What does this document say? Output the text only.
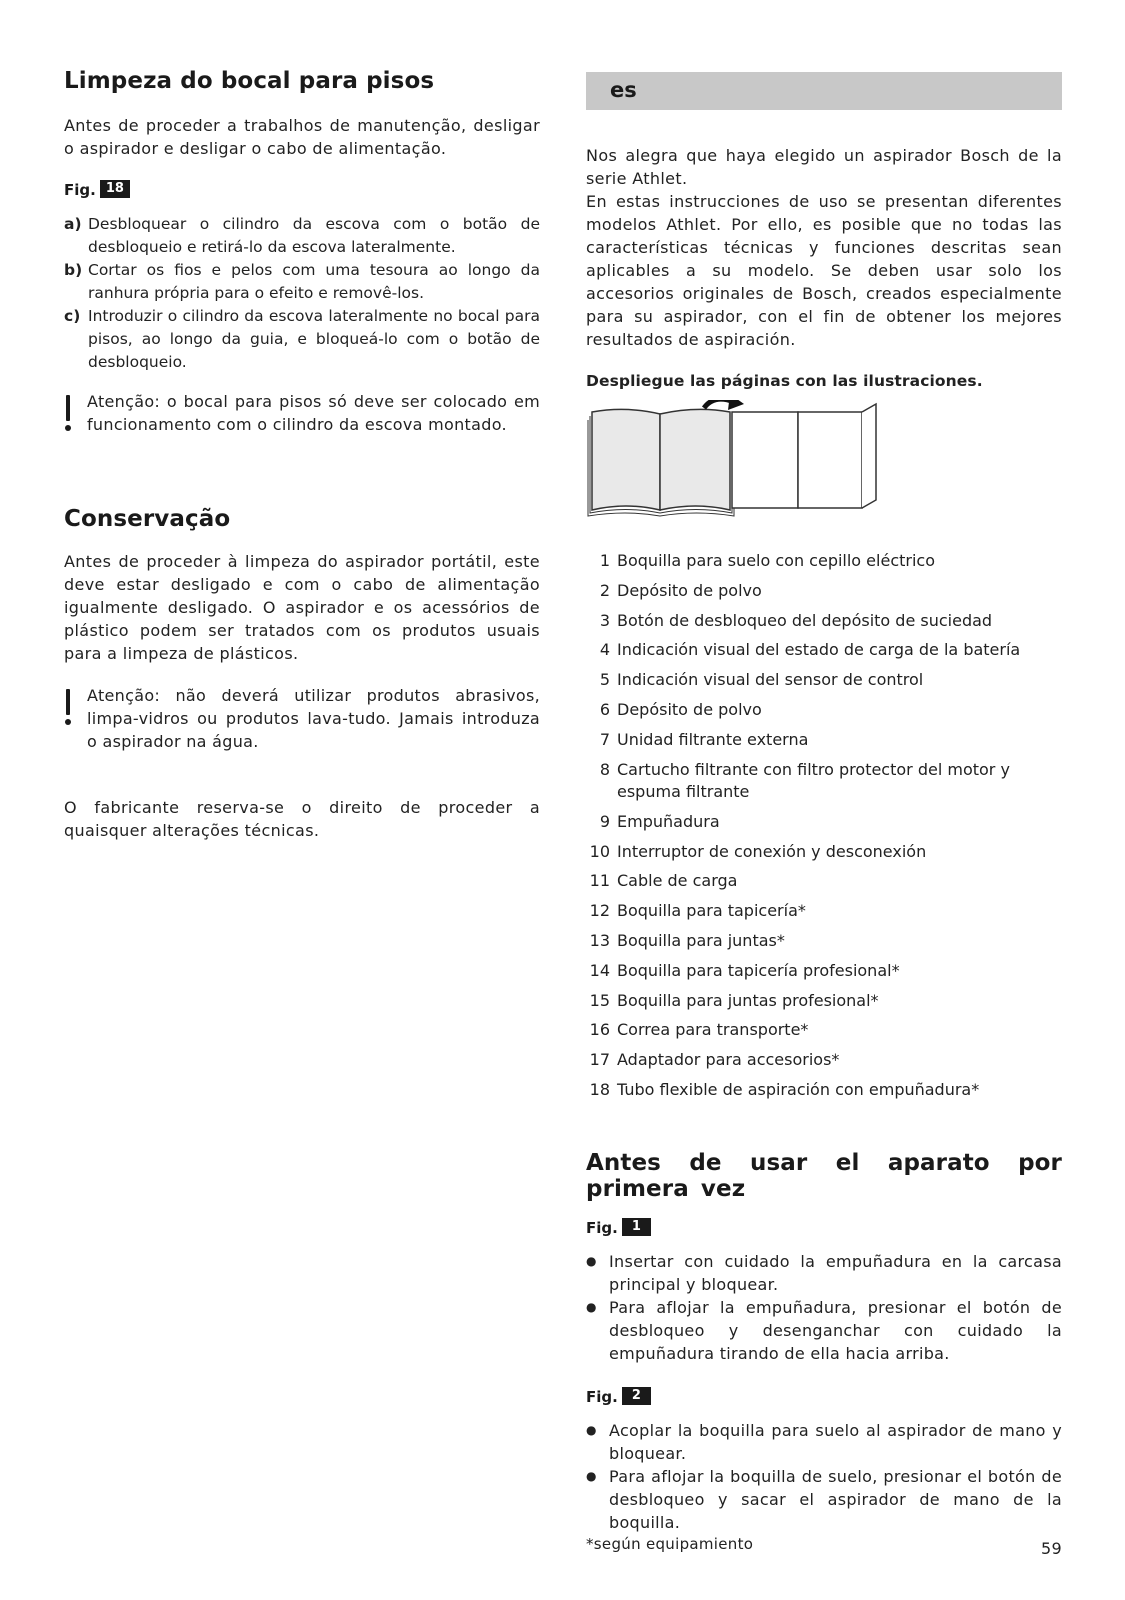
Limpeza do bocal para pisos

Antes de proceder a trabalhos de manutenção, desligar o aspirador e desligar o cabo de alimentação.

Fig. 18
a) Desbloquear o cilindro da escova com o botão de desbloqueio e retirá-lo da escova lateralmente.
b) Cortar os fios e pelos com uma tesoura ao longo da ranhura própria para o efeito e removê-los.
c) Introduzir o cilindro da escova lateralmente no bocal para pisos, ao longo da guia, e bloqueá-lo com o botão de desbloqueio.
Atenção: o bocal para pisos só deve ser colocado em funcionamento com o cilindro da escova montado.
Conservação

Antes de proceder à limpeza do aspirador portátil, este deve estar desligado e com o cabo de alimentação igualmente desligado. O aspirador e os acessórios de plástico podem ser tratados com os produtos usuais para a limpeza de plásticos.

Atenção: não deverá utilizar produtos abrasivos, limpa-vidros ou produtos lava-tudo. Jamais introduza o aspirador na água.

O fabricante reserva-se o direito de proceder a quaisquer alterações técnicas.

es

Nos alegra que haya elegido un aspirador Bosch de la serie Athlet.

En estas instrucciones de uso se presentan diferentes modelos Athlet. Por ello, es posible que no todas las características técnicas y funciones descritas sean aplicables a su modelo. Se deben usar solo los accesorios originales de Bosch, creados especialmente para su aspirador, con el fin de obtener los mejores resultados de aspiración.

Despliegue las páginas con las ilustraciones.

1 Boquilla para suelo con cepillo eléctrico
2 Depósito de polvo
3 Botón de desbloqueo del depósito de suciedad
4 Indicación visual del estado de carga de la batería
5 Indicación visual del sensor de control
6 Depósito de polvo
7 Unidad filtrante externa
8 Cartucho filtrante con filtro protector del motor y espuma filtrante
9 Empuñadura
10 Interruptor de conexión y desconexión
11 Cable de carga
12 Boquilla para tapicería*
13 Boquilla para juntas*
14 Boquilla para tapicería profesional*
15 Boquilla para juntas profesional*
16 Correa para transporte*
17 Adaptador para accesorios*
18 Tubo flexible de aspiración con empuñadura*
Antes de usar el aparato por primera vez
Fig. 1
● Insertar con cuidado la empuñadura en la carcasa principal y bloquear.
● Para aflojar la empuñadura, presionar el botón de desbloqueo y desenganchar con cuidado la empuñadura tirando de ella hacia arriba.
Fig. 2
● Acoplar la boquilla para suelo al aspirador de mano y bloquear.
● Para aflojar la boquilla de suelo, presionar el botón de desbloqueo y sacar el aspirador de mano de la boquilla.
*según equipamiento	59
